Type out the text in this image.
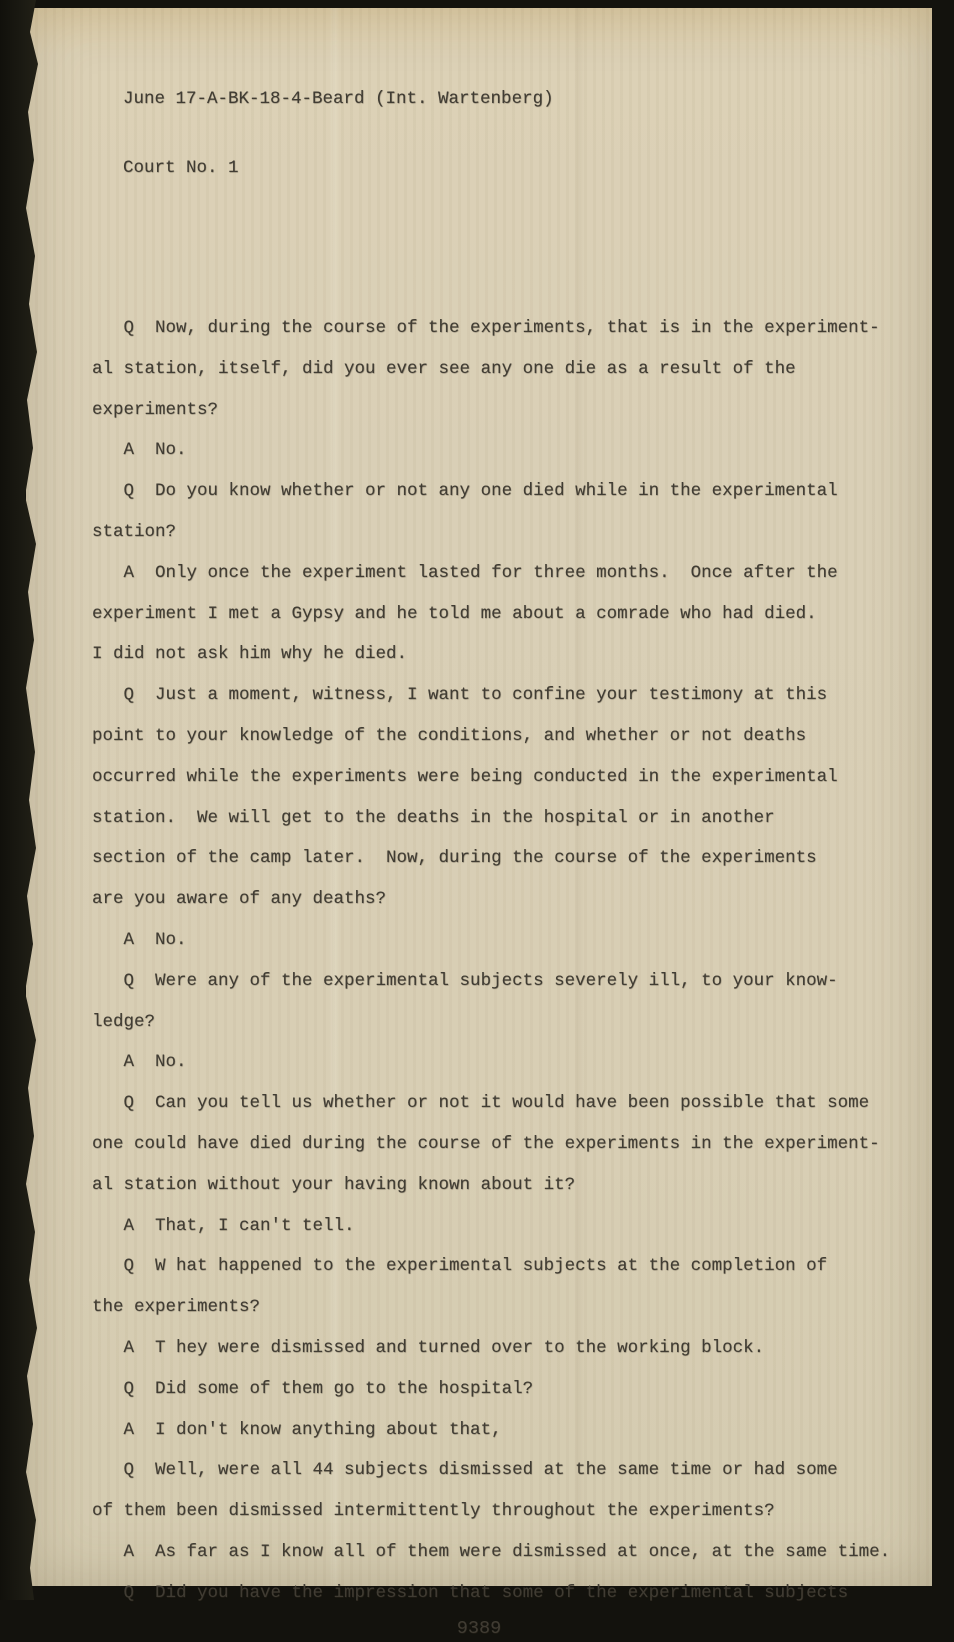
June 17-A-BK-18-4-Beard (Int. Wartenberg)

Court No. 1

Q  Now, during the course of the experiments, that is in the experiment-
al station, itself, did you ever see any one die as a result of the
experiments?
A  No.
Q  Do you know whether or not any one died while in the experimental
station?
A  Only once the experiment lasted for three months.  Once after the
experiment I met a Gypsy and he told me about a comrade who had died.
I did not ask him why he died.
Q  Just a moment, witness, I want to confine your testimony at this
point to your knowledge of the conditions, and whether or not deaths
occurred while the experiments were being conducted in the experimental
station.  We will get to the deaths in the hospital or in another
section of the camp later.  Now, during the course of the experiments
are you aware of any deaths?
A  No.
Q  Were any of the experimental subjects severely ill, to your know-
ledge?
A  No.
Q  Can you tell us whether or not it would have been possible that some
one could have died during the course of the experiments in the experiment-
al station without your having known about it?
A  That, I can't tell.
Q  W hat happened to the experimental subjects at the completion of
the experiments?
A  T hey were dismissed and turned over to the working block.
Q  Did some of them go to the hospital?
A  I don't know anything about that,
Q  Well, were all 44 subjects dismissed at the same time or had some
of them been dismissed intermittently throughout the experiments?
A  As far as I know all of them were dismissed at once, at the same time.
Q  Did you have the impression that some of the experimental subjects
9389
